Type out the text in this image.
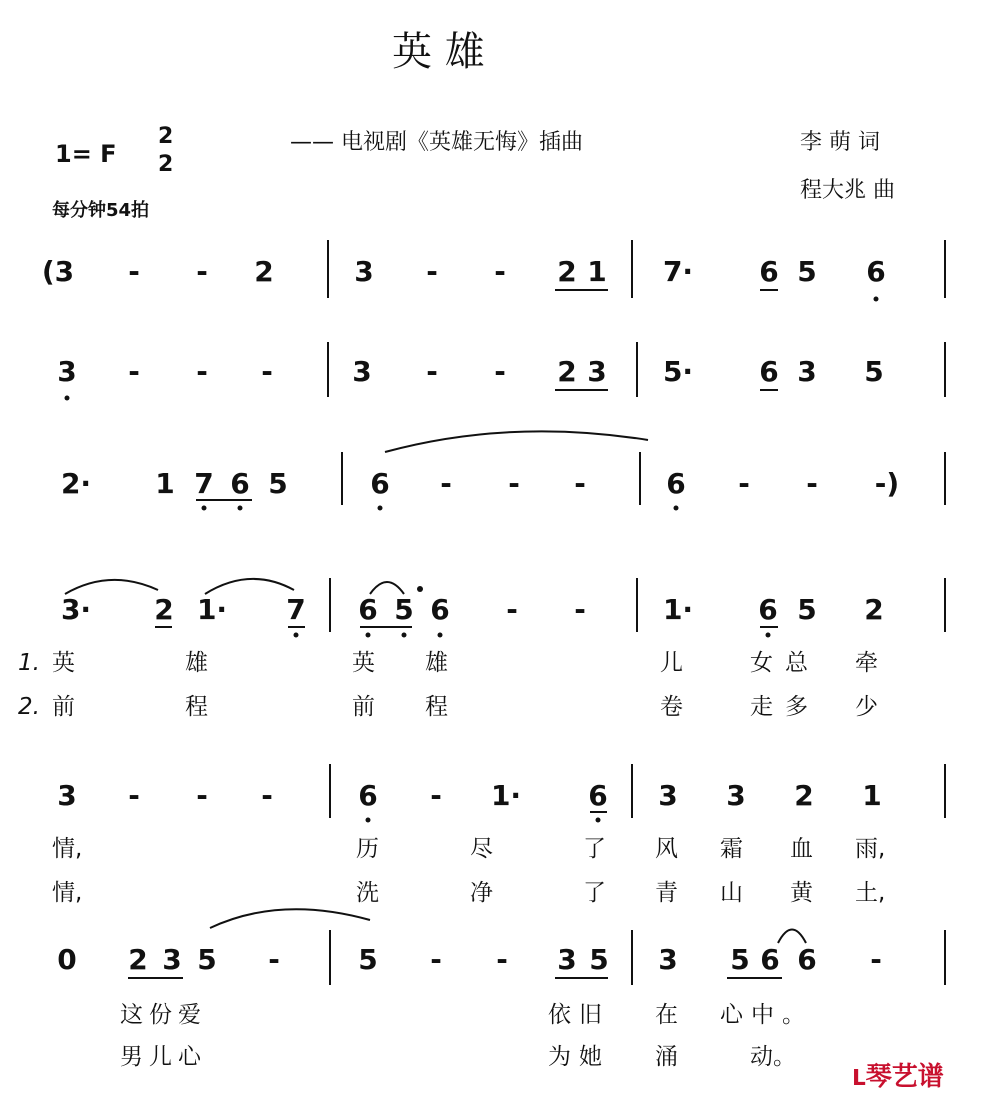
英 雄
1= F
2
2
每分钟54拍
—— 电视剧《英雄无悔》插曲	李 萌 词
程大兆 曲
(3 - - 2	3 - - 2 1 7· 6 5 6
3 - - -	3 - - 2 3 5· 6 3 5
2· 1 7 6 5	6 - - -	6 - -	-)
3· 2 1· 7 6 5 6 - -	1· 6 5 2
1. 英	雄	英 雄	儿	女总 牵
2. 前	程	前 程	卷	走多 少
3 - - -	6 - 1· 6 3 3 2 1
情,	历	尽	了 风 霜 血 雨,
情,	洗	净	了 青 山 黄 土,
0 2 3 5 -	5 - - 3 5 3 5 6 6 -
这份爱	依旧 在 心中。
男儿心	为她 涌	动。
ᒪ琴艺谱
